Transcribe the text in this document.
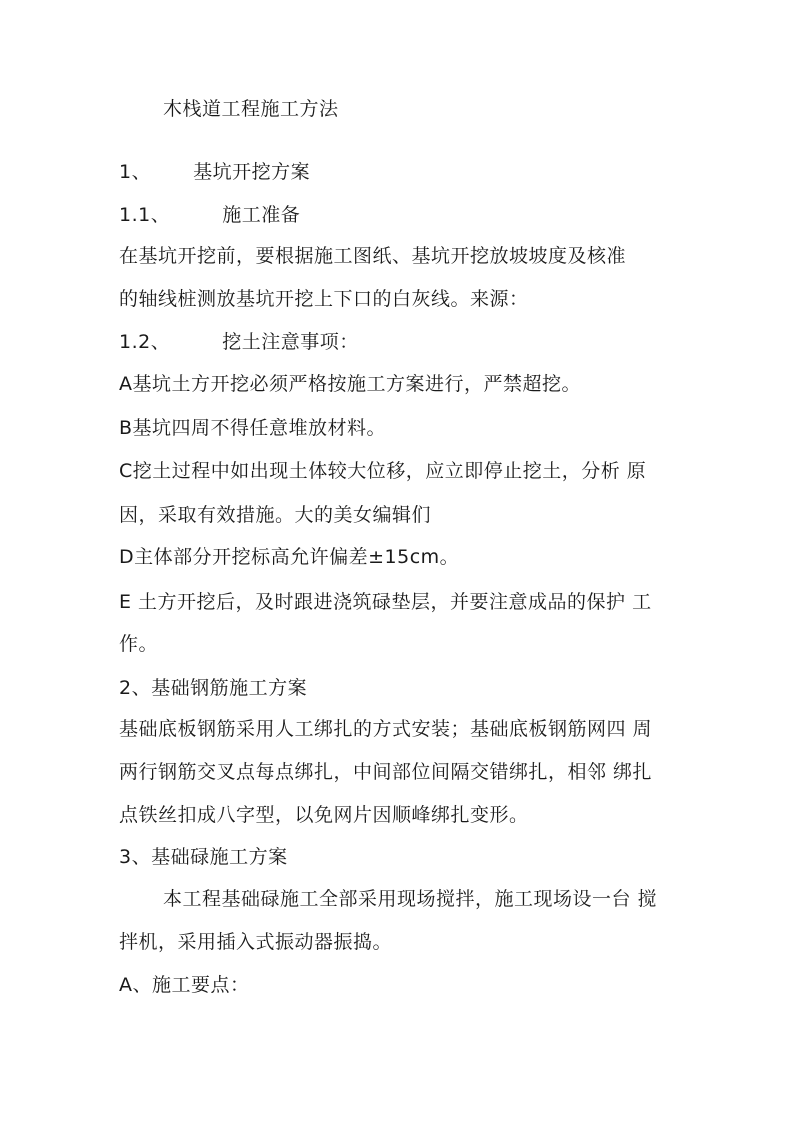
木栈道工程施工方法

1、 基坑开挖方案

1.1、	施工准备

在基坑开挖前，要根据施工图纸、基坑开挖放坡坡度及核准

的轴线桩测放基坑开挖上下口的白灰线。来源：

1.2、	挖土注意事项：

A基坑土方开挖必须严格按施工方案进行，严禁超挖。

B基坑四周不得任意堆放材料。

C挖土过程中如出现土体较大位移，应立即停止挖土，分析 原

因，采取有效措施。大的美女编辑们

D主体部分开挖标高允许偏差±15cm。

E 土方开挖后，及时跟进浇筑碌垫层，并要注意成品的保护 工

作。

2、基础钢筋施工方案

基础底板钢筋采用人工绑扎的方式安装；基础底板钢筋网四 周

两行钢筋交叉点每点绑扎，中间部位间隔交错绑扎，相邻 绑扎

点铁丝扣成八字型，以免网片因顺峰绑扎变形。

3、基础碌施工方案

本工程基础碌施工全部采用现场搅拌，施工现场设一台 搅

拌机，采用插入式振动器振捣。

A、施工要点：
